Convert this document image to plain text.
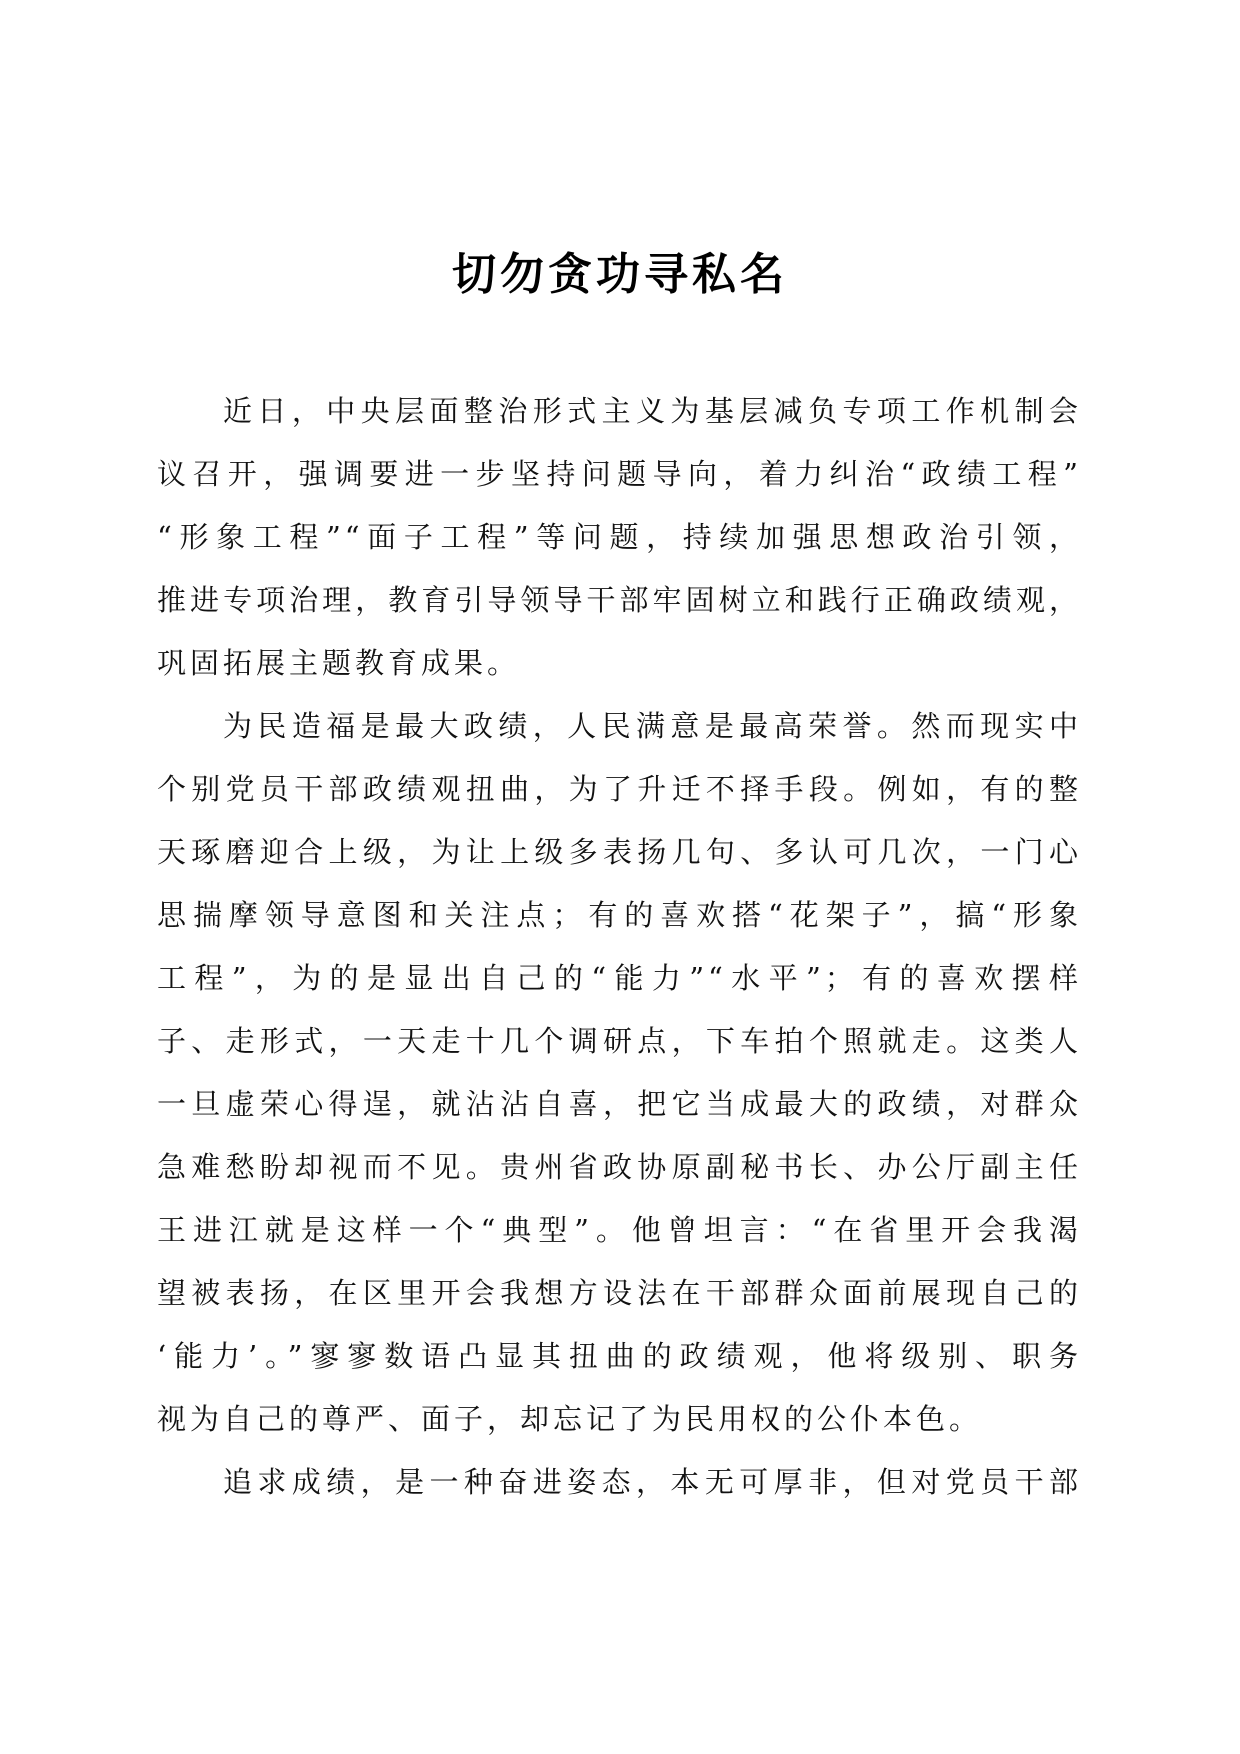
切勿贪功寻私名
近日，中央层面整治形式主义为基层减负专项工作机制会
议召开，强调要进一步坚持问题导向，着力纠治“政绩工程”
“形象工程”“面子工程”等问题，持续加强思想政治引领，
推进专项治理，教育引导领导干部牢固树立和践行正确政绩观，
巩固拓展主题教育成果。
为民造福是最大政绩，人民满意是最高荣誉。然而现实中
个别党员干部政绩观扭曲，为了升迁不择手段。例如，有的整
天琢磨迎合上级，为让上级多表扬几句、多认可几次，一门心
思揣摩领导意图和关注点；有的喜欢搭“花架子”，搞“形象
工程”，为的是显出自己的“能力”“水平”；有的喜欢摆样
子、走形式，一天走十几个调研点，下车拍个照就走。这类人
一旦虚荣心得逞，就沾沾自喜，把它当成最大的政绩，对群众
急难愁盼却视而不见。贵州省政协原副秘书长、办公厅副主任
王进江就是这样一个“典型”。他曾坦言：“在省里开会我渴
望被表扬，在区里开会我想方设法在干部群众面前展现自己的
‘能力’。”寥寥数语凸显其扭曲的政绩观，他将级别、职务
视为自己的尊严、面子，却忘记了为民用权的公仆本色。
追求成绩，是一种奋进姿态，本无可厚非，但对党员干部
